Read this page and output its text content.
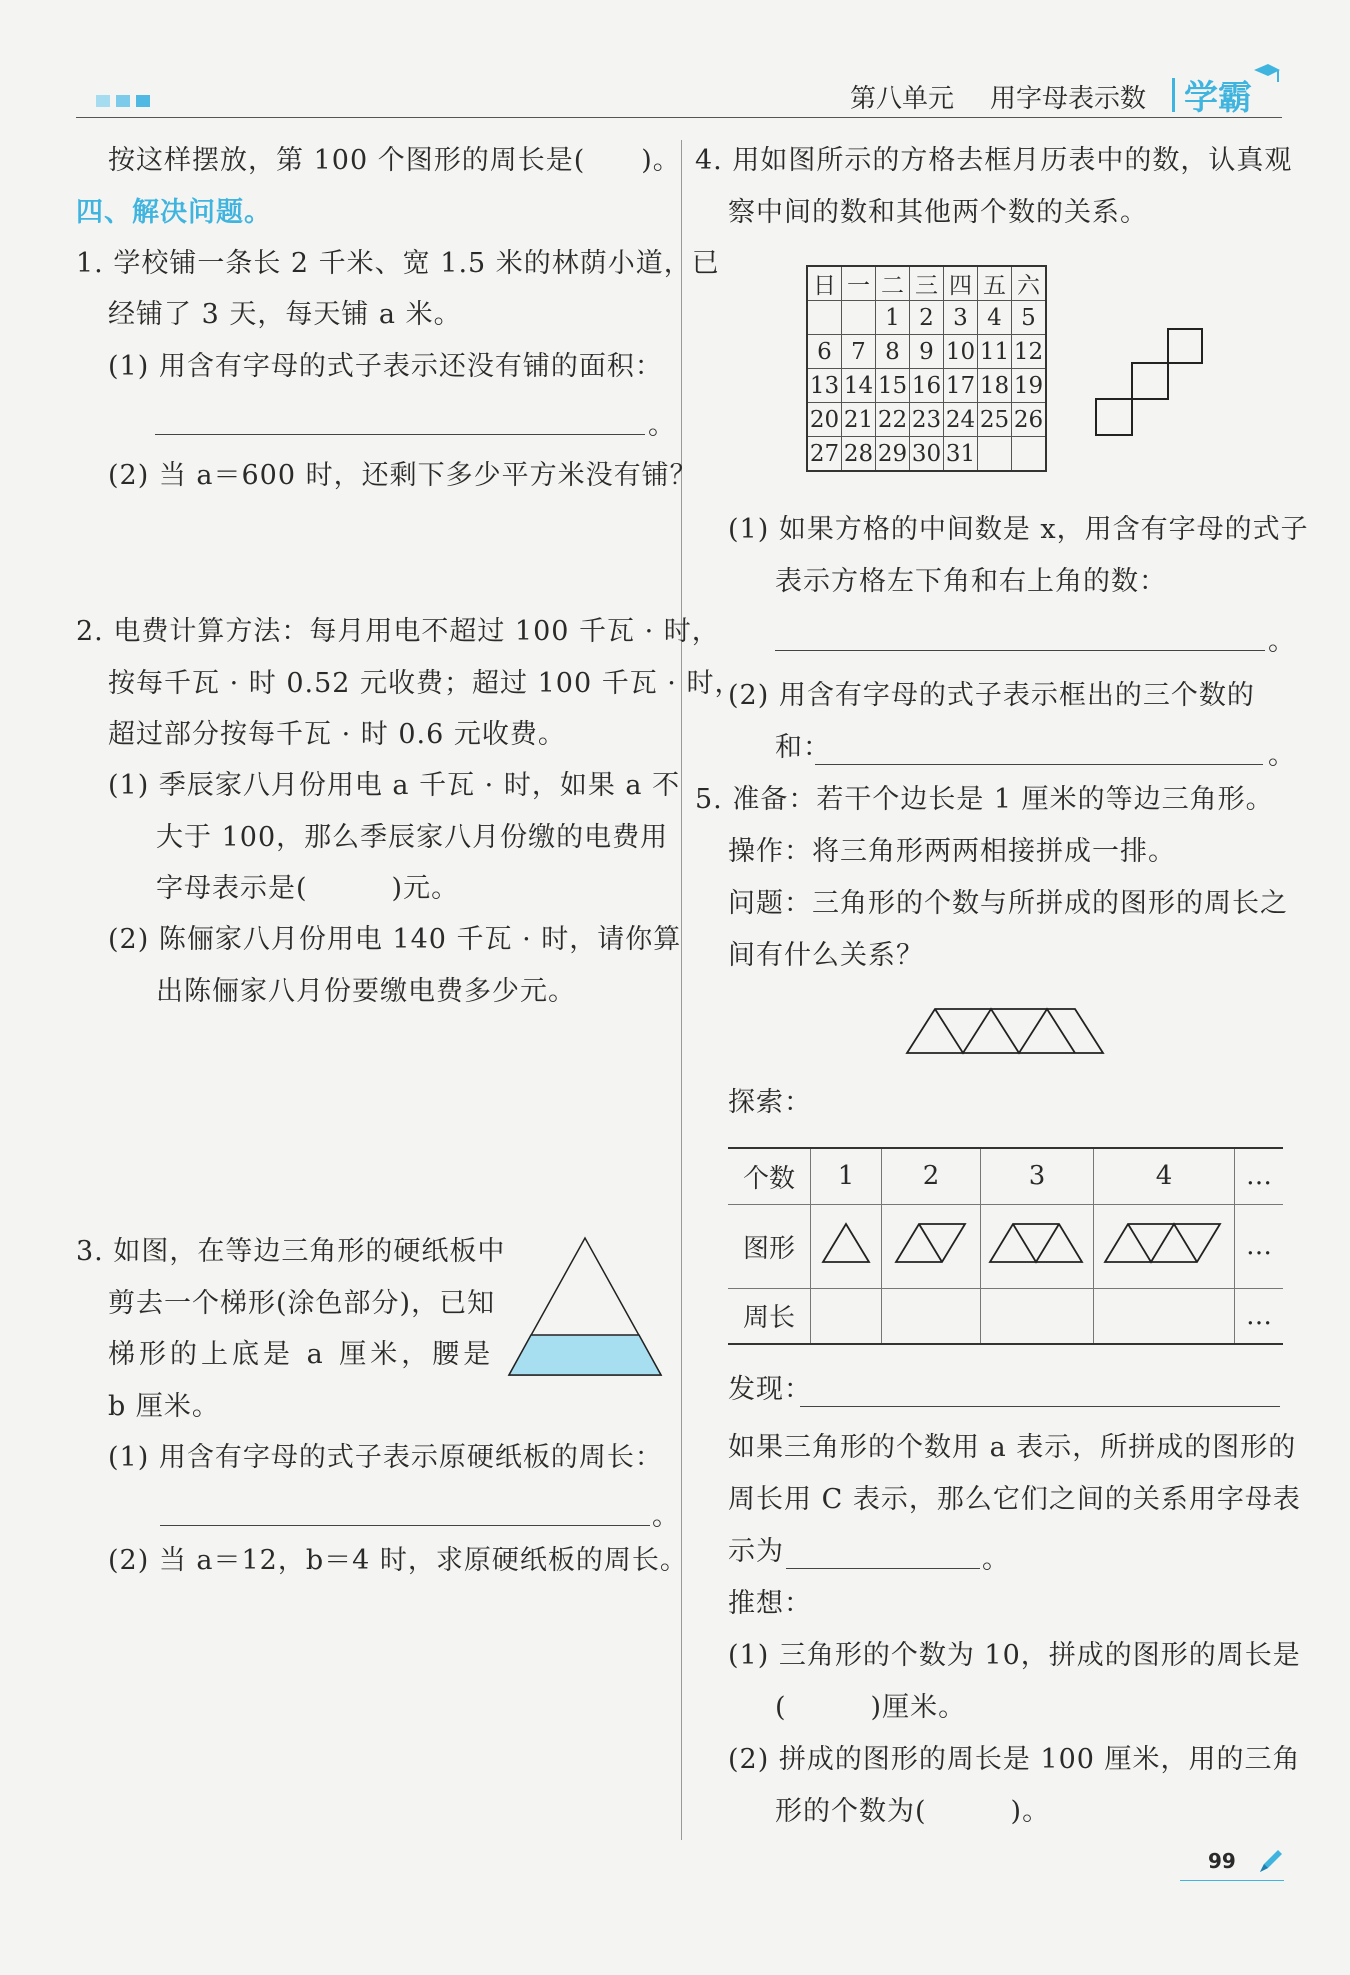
第八单元 用字母表示数 学霸
按这样摆放，第 100 个图形的周长是(　　)。
四、解决问题。
1. 学校铺一条长 2 千米、宽 1.5 米的林荫小道，已
经铺了 3 天，每天铺 a 米。
(1) 用含有字母的式子表示还没有铺的面积：
。
(2) 当 a＝600 时，还剩下多少平方米没有铺？
2. 电费计算方法：每月用电不超过 100 千瓦 · 时，
按每千瓦 · 时 0.52 元收费；超过 100 千瓦 · 时，
超过部分按每千瓦 · 时 0.6 元收费。
(1) 季辰家八月份用电 a 千瓦 · 时，如果 a 不
大于 100，那么季辰家八月份缴的电费用
字母表示是(　　　)元。
(2) 陈俪家八月份用电 140 千瓦 · 时，请你算
出陈俪家八月份要缴电费多少元。
3. 如图，在等边三角形的硬纸板中
剪去一个梯形(涂色部分)，已知
梯形的上底是 a 厘米，腰是
b 厘米。
(1) 用含有字母的式子表示原硬纸板的周长：
。
(2) 当 a＝12，b＝4 时，求原硬纸板的周长。
4. 用如图所示的方格去框月历表中的数，认真观
察中间的数和其他两个数的关系。
日	一	二	三	四	五	六
		1	2	3	4	5
6	7	8	9	10	11	12
13	14	15	16	17	18	19
20	21	22	23	24	25	26
27	28	29	30	31		
(1) 如果方格的中间数是 x，用含有字母的式子
表示方格左下角和右上角的数：
。
(2) 用含有字母的式子表示框出的三个数的
和：	。
5. 准备：若干个边长是 1 厘米的等边三角形。
操作：将三角形两两相接拼成一排。
问题：三角形的个数与所拼成的图形的周长之
间有什么关系？
探索：
个数	1	2	3	4	…
图形					…
周长					…
发现：
如果三角形的个数用 a 表示，所拼成的图形的
周长用 C 表示，那么它们之间的关系用字母表
示为	。
推想：
(1) 三角形的个数为 10，拼成的图形的周长是
(　　　)厘米。
(2) 拼成的图形的周长是 100 厘米，用的三角
形的个数为(　　　)。
99
